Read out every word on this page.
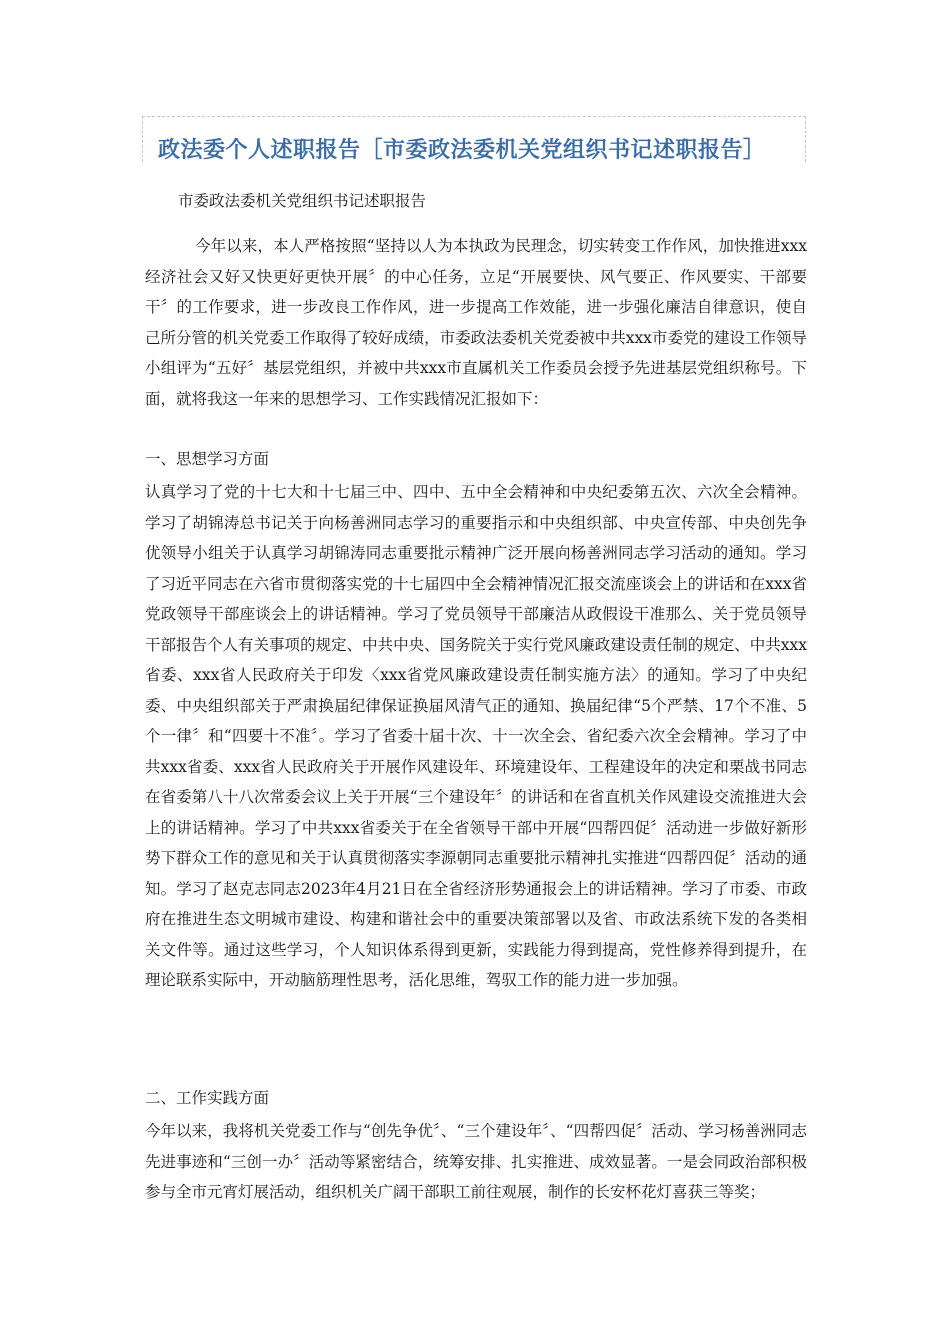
政法委个人述职报告［市委政法委机关党组织书记述职报告］
市委政法委机关党组织书记述职报告
今年以来，本人严格按照“坚持以人为本执政为民理念，切实转变工作作风，加快推进xxx经济社会又好又快更好更快开展〞的中心任务，立足“开展要快、风气要正、作风要实、干部要干〞的工作要求，进一步改良工作作风，进一步提高工作效能，进一步强化廉洁自律意识，使自己所分管的机关党委工作取得了较好成绩，市委政法委机关党委被中共xxx市委党的建设工作领导小组评为“五好〞基层党组织，并被中共xxx市直属机关工作委员会授予先进基层党组织称号。下面，就将我这一年来的思想学习、工作实践情况汇报如下：
一、思想学习方面
认真学习了党的十七大和十七届三中、四中、五中全会精神和中央纪委第五次、六次全会精神。学习了胡锦涛总书记关于向杨善洲同志学习的重要指示和中央组织部、中央宣传部、中央创先争优领导小组关于认真学习胡锦涛同志重要批示精神广泛开展向杨善洲同志学习活动的通知。学习了习近平同志在六省市贯彻落实党的十七届四中全会精神情况汇报交流座谈会上的讲话和在xxx省党政领导干部座谈会上的讲话精神。学习了党员领导干部廉洁从政假设干准那么、关于党员领导干部报告个人有关事项的规定、中共中央、国务院关于实行党风廉政建设责任制的规定、中共xxx省委、xxx省人民政府关于印发〈xxx省党风廉政建设责任制实施方法〉的通知。学习了中央纪委、中央组织部关于严肃换届纪律保证换届风清气正的通知、换届纪律“5个严禁、17个不准、5个一律〞和“四要十不准〞。学习了省委十届十次、十一次全会、省纪委六次全会精神。学习了中共xxx省委、xxx省人民政府关于开展作风建设年、环境建设年、工程建设年的决定和栗战书同志在省委第八十八次常委会议上关于开展“三个建设年〞的讲话和在省直机关作风建设交流推进大会上的讲话精神。学习了中共xxx省委关于在全省领导干部中开展“四帮四促〞活动进一步做好新形势下群众工作的意见和关于认真贯彻落实李源朝同志重要批示精神扎实推进“四帮四促〞活动的通知。学习了赵克志同志2023年4月21日在全省经济形势通报会上的讲话精神。学习了市委、市政府在推进生态文明城市建设、构建和谐社会中的重要决策部署以及省、市政法系统下发的各类相关文件等。通过这些学习，个人知识体系得到更新，实践能力得到提高，党性修养得到提升，在理论联系实际中，开动脑筋理性思考，活化思维，驾驭工作的能力进一步加强。
二、工作实践方面
今年以来，我将机关党委工作与“创先争优〞、“三个建设年〞、“四帮四促〞活动、学习杨善洲同志先进事迹和“三创一办〞活动等紧密结合，统筹安排、扎实推进、成效显著。一是会同政治部积极参与全市元宵灯展活动，组织机关广阔干部职工前往观展，制作的长安杯花灯喜获三等奖；
